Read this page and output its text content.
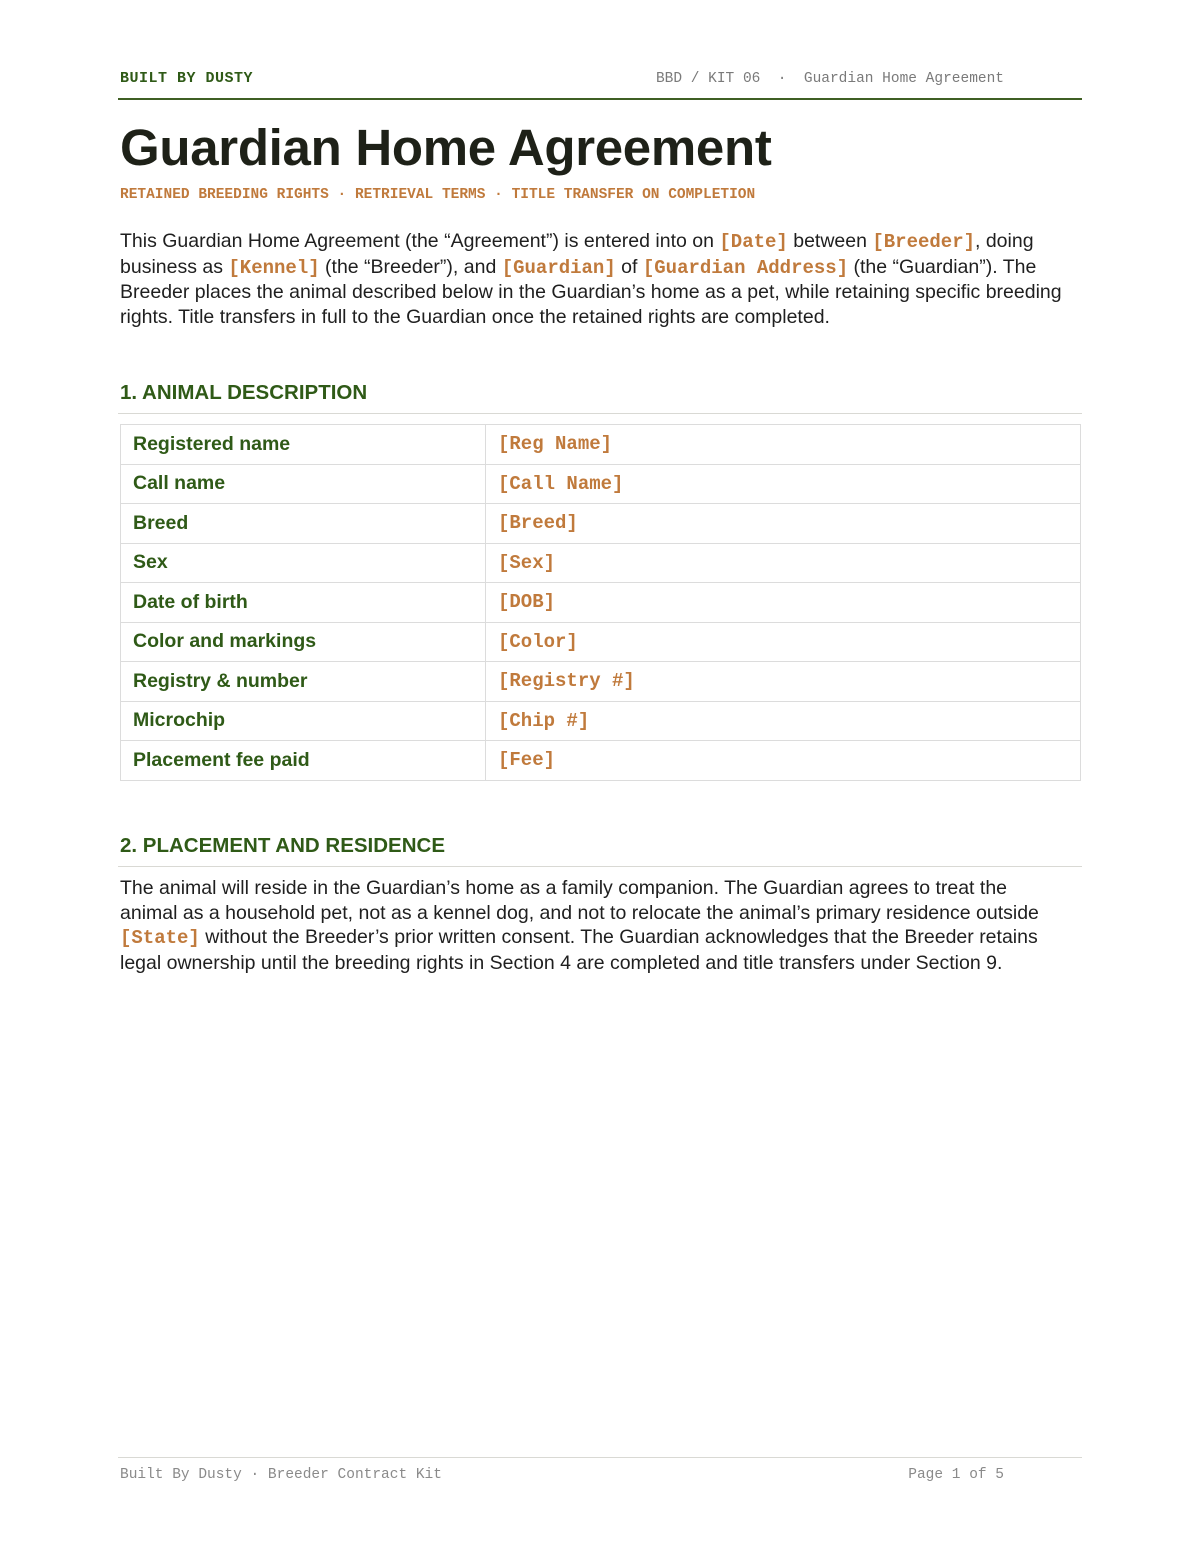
BUILT BY DUSTY	BBD / KIT 06  ·  Guardian Home Agreement
Guardian Home Agreement
RETAINED BREEDING RIGHTS · RETRIEVAL TERMS · TITLE TRANSFER ON COMPLETION

This Guardian Home Agreement (the “Agreement”) is entered into on [Date] between [Breeder], doing business as [Kennel] (the “Breeder”), and [Guardian] of [Guardian Address] (the “Guardian”). The Breeder places the animal described below in the Guardian’s home as a pet, while retaining specific breeding rights. Title transfers in full to the Guardian once the retained rights are completed.

1. ANIMAL DESCRIPTION
Registered name	[Reg Name]
Call name	[Call Name]
Breed	[Breed]
Sex	[Sex]
Date of birth	[DOB]
Color and markings	[Color]
Registry & number	[Registry #]
Microchip	[Chip #]
Placement fee paid	[Fee]
2. PLACEMENT AND RESIDENCE

The animal will reside in the Guardian’s home as a family companion. The Guardian agrees to treat the animal as a household pet, not as a kennel dog, and not to relocate the animal’s primary residence outside [State] without the Breeder’s prior written consent. The Guardian acknowledges that the Breeder retains legal ownership until the breeding rights in Section 4 are completed and title transfers under Section 9.

Built By Dusty · Breeder Contract Kit	Page 1 of 5
